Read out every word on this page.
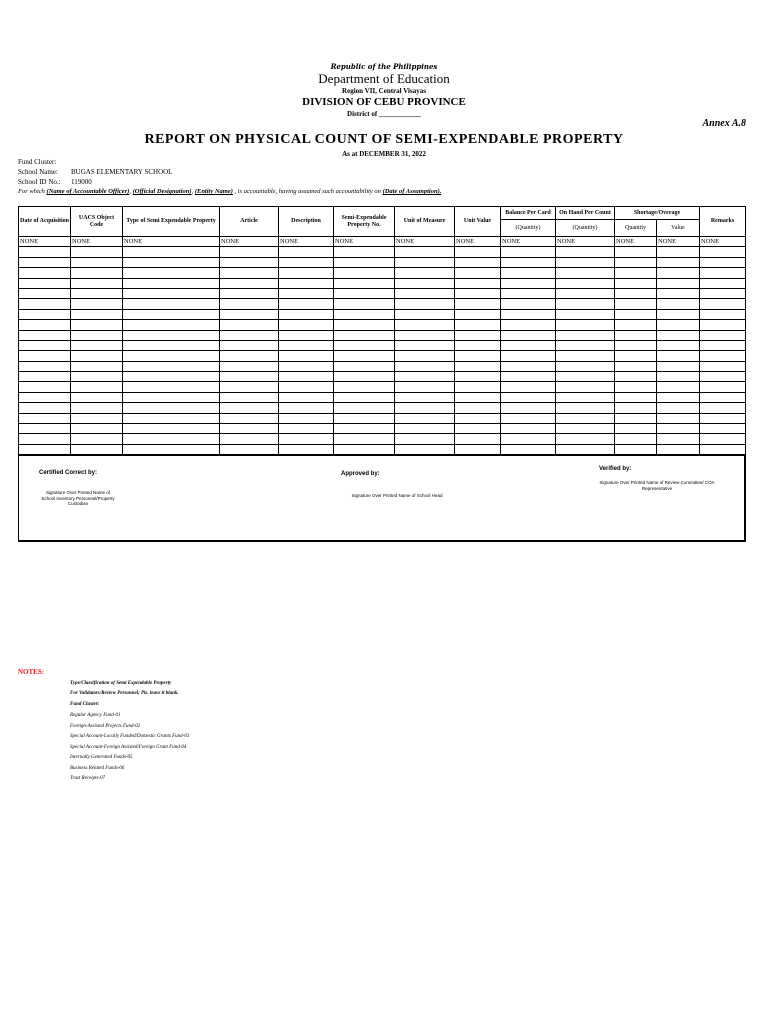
Republic of the Philippines
Department of Education
Region VII, Central Visayas
DIVISION OF CEBU PROVINCE
District of ____________
Annex A.8
REPORT ON PHYSICAL COUNT OF SEMI-EXPENDABLE PROPERTY
As at DECEMBER 31, 2022
Fund Cluster:
School Name: BUGAS ELEMENTARY SCHOOL
School ID No.: 119000
For which (Name of Accountable Officer), (Official Designation), (Entity Name) , is accountable, having assumed such accountability on (Date of Assumption).
Date of Acquisition	UACS Object Code	Type of Semi Expendable Property	Article	Description	Semi-Expendable Property No.	Unit of Measure	Unit Value	Balance Per Card	On Hand Per Count	Shortage/Overage		Remarks
								(Quantity)	(Quantity)	Quantity	Value	
NONE	NONE	NONE	NONE	NONE	NONE	NONE	NONE	NONE	NONE	NONE	NONE	NONE

Certified Correct by:
Signature Over Printed Name of School Inventory Personnel/Property Custodian
Approved by:
Signature Over Printed Name of School Head
Verified by:
Signature Over Printed Name of Review Committee/ COA Representative
NOTES:
Type/Classification of Semi Expendable Property
For Validators/Review Personnel; Pls. leave it blank.
Fund Cluster:
Regular Agency Fund-01
Foreign-Assisted Projects Fund-02
Special Account-Locally Funded/Domestic Grants Fund-03
Special Account-Foreign Assisted/Foreign Grant Fund-04
Internally Generated Funds-05
Business Related Funds-06
Trust Receipts-07
